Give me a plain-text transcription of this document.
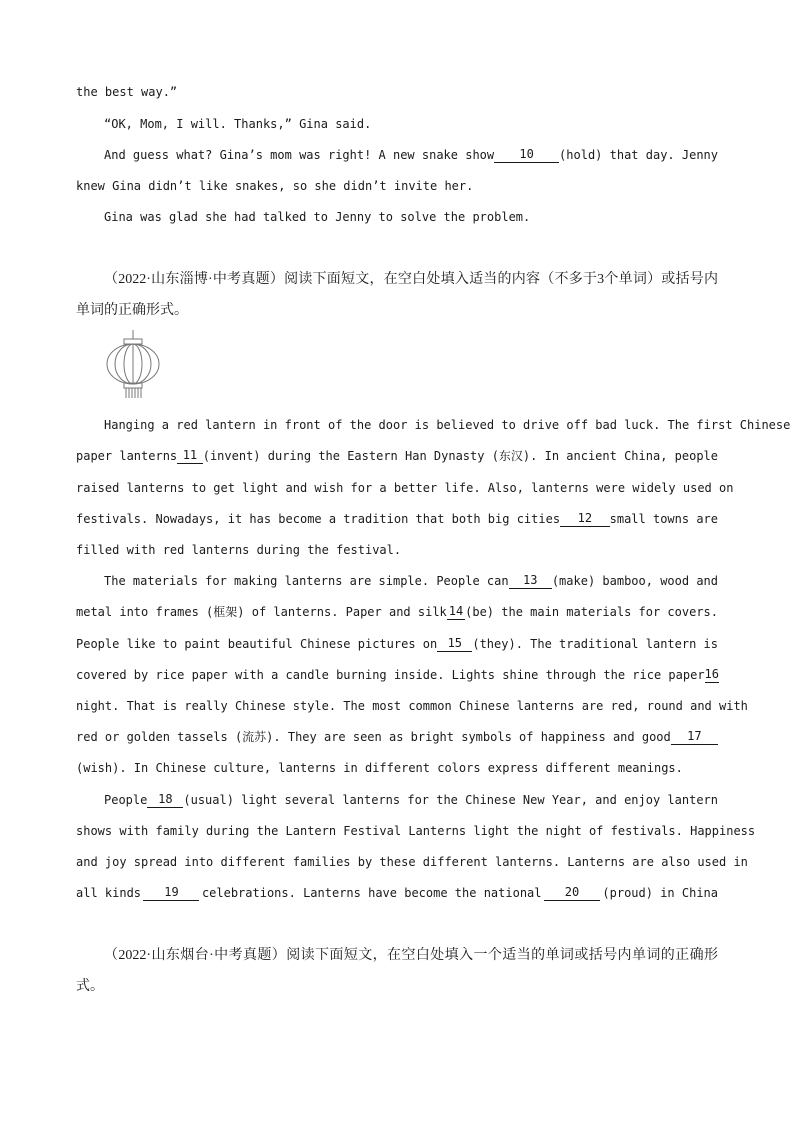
the best way.”
“OK, Mom, I will. Thanks,” Gina said.
And guess what? Gina’s mom was right! A new snake show	10	(hold) that day. Jenny
knew Gina didn’t like snakes, so she didn’t invite her.
Gina was glad she had talked to Jenny to solve the problem.
（2022·山东淄博·中考真题）阅读下面短文，在空白处填入适当的内容（不多于3个单词）或括号内单词的正确形式。
Hanging a red lantern in front of the door is believed to drive off bad luck. The first Chinese
paper lanterns 11 (invent) during the Eastern Han Dynasty (东汉). In ancient China, people
raised lanterns to get light and wish for a better life. Also, lanterns were widely used on
festivals. Nowadays, it has become a tradition that both big cities	12	small towns are
filled with red lanterns during the festival.
The materials for making lanterns are simple. People can	13	(make) bamboo, wood and
metal into frames (框架) of lanterns. Paper and silk 14 (be) the main materials for covers.
People like to paint beautiful Chinese pictures on 15 (they). The traditional lantern is
covered by rice paper with a candle burning inside. Lights shine through the rice paper 16
night. That is really Chinese style. The most common Chinese lanterns are red, round and with
red or golden tassels (流苏). They are seen as bright symbols of happiness and good	17
(wish). In Chinese culture, lanterns in different colors express different meanings.
People 18 (usual) light several lanterns for the Chinese New Year, and enjoy lantern
shows with family during the Lantern Festival Lanterns light the night of festivals. Happiness
and joy spread into different families by these different lanterns. Lanterns are also used in
all kinds	19	celebrations. Lanterns have become the national	20	(proud) in China
（2022·山东烟台·中考真题）阅读下面短文，在空白处填入一个适当的单词或括号内单词的正确形式。
